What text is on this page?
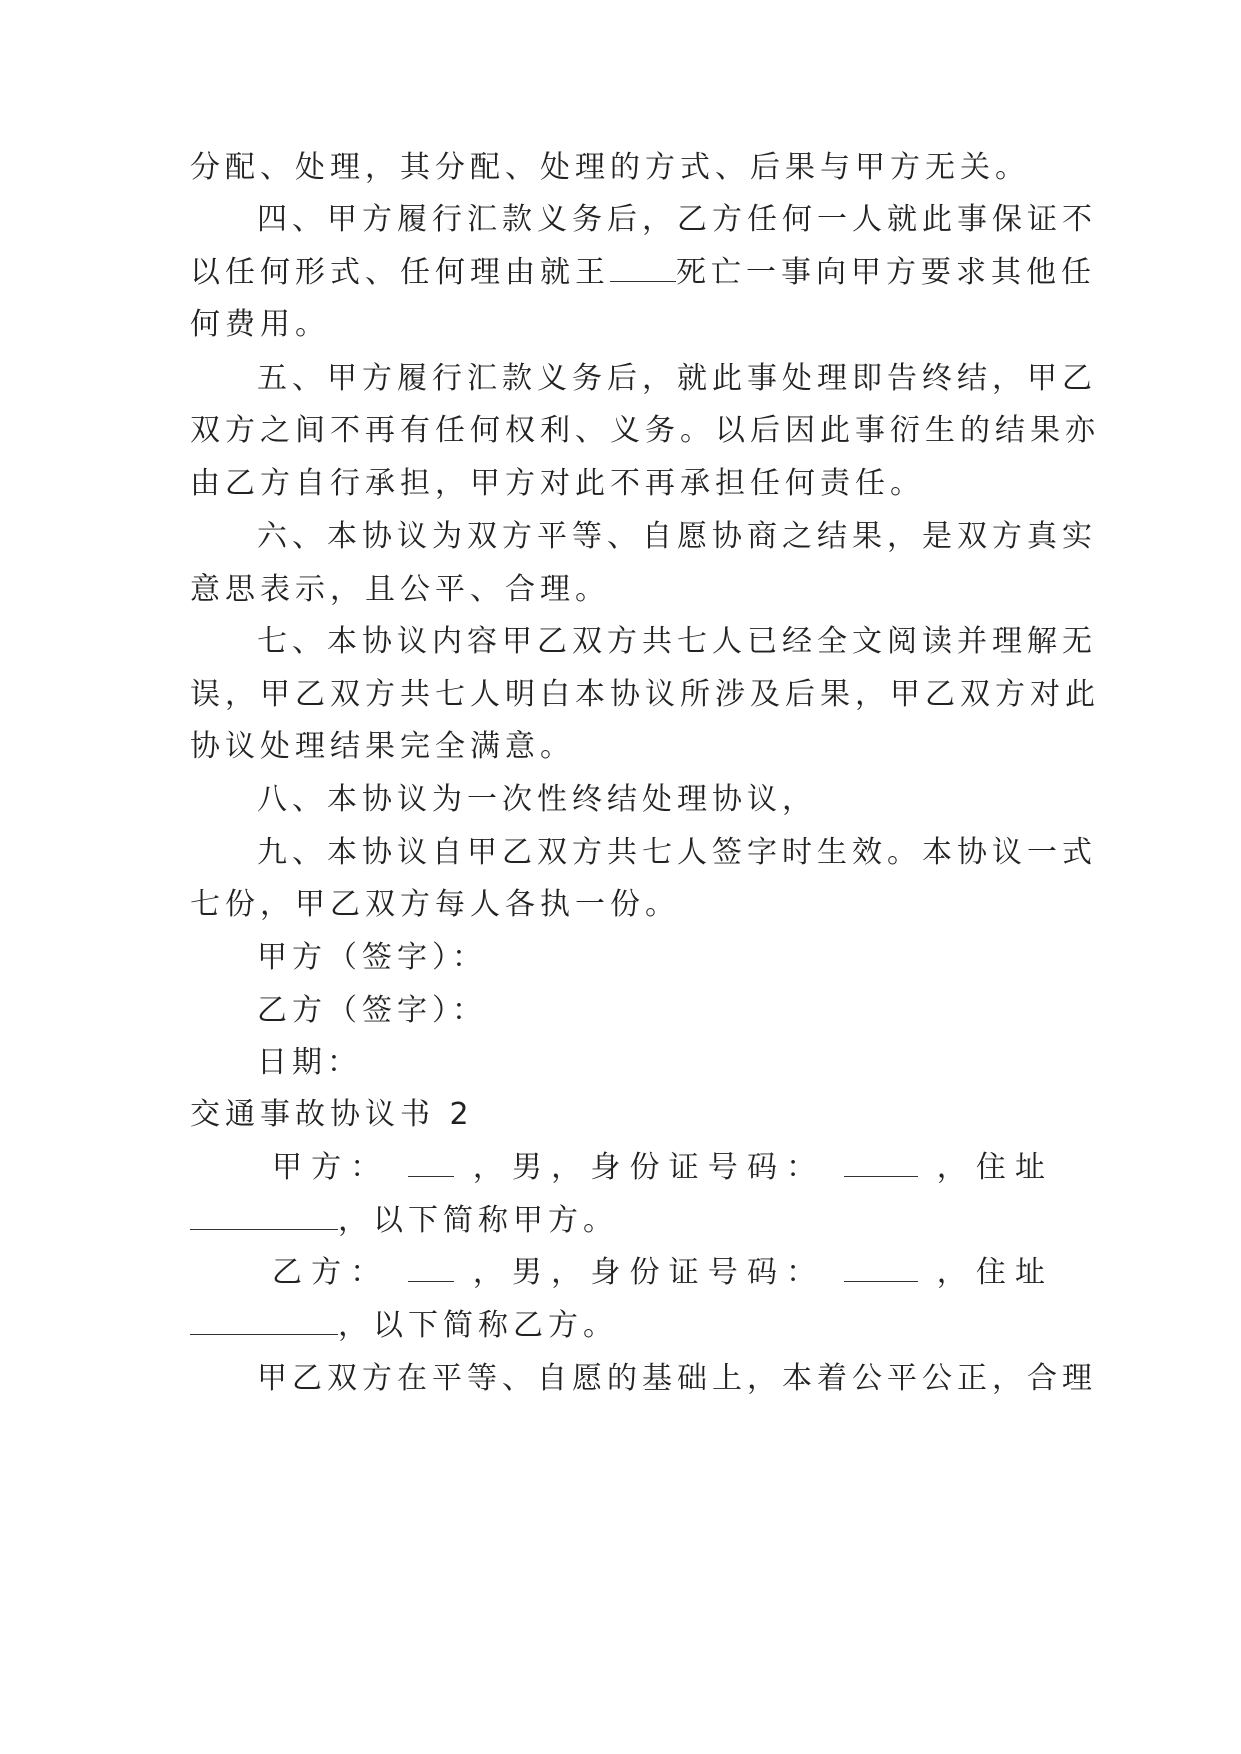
分配、处理，其分配、处理的方式、后果与甲方无关。
四、甲方履行汇款义务后，乙方任何一人就此事保证不
以任何形式、任何理由就王 死亡一事向甲方要求其他任
何费用。
五、甲方履行汇款义务后，就此事处理即告终结，甲乙
双方之间不再有任何权利、义务。以后因此事衍生的结果亦
由乙方自行承担，甲方对此不再承担任何责任。
六、本协议为双方平等、自愿协商之结果，是双方真实
意思表示，且公平、合理。
七、本协议内容甲乙双方共七人已经全文阅读并理解无
误，甲乙双方共七人明白本协议所涉及后果，甲乙双方对此
协议处理结果完全满意。
八、本协议为一次性终结处理协议，
九、本协议自甲乙双方共七人签字时生效。本协议一式
七份，甲乙双方每人各执一份。
甲方（签字）：
乙方（签字）：
日期：
交通事故协议书 2
甲方：	，男，身份证号码：	，住址
，以下简称甲方。
乙方：	，男，身份证号码：	，住址
，以下简称乙方。
甲乙双方在平等、自愿的基础上，本着公平公正，合理
